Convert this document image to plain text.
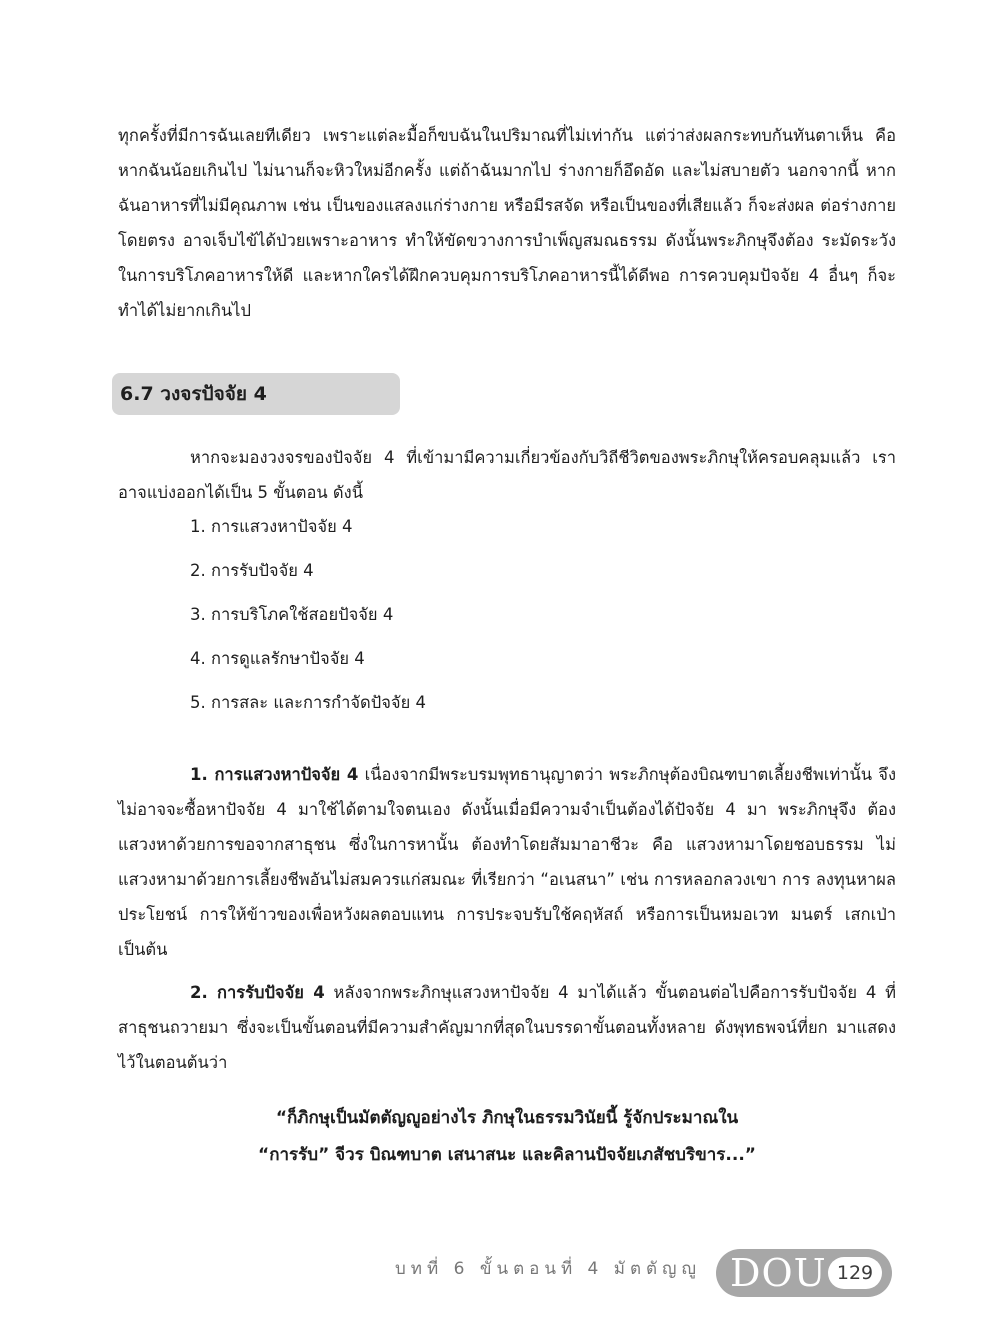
ทุกครั้งที่มีการฉันเลยทีเดียว เพราะแต่ละมื้อก็ขบฉันในปริมาณที่ไม่เท่ากัน แต่ว่าส่งผลกระทบกันทันตาเห็น คือหากฉันน้อยเกินไป ไม่นานก็จะหิวใหม่อีกครั้ง แต่ถ้าฉันมากไป ร่างกายก็อึดอัด และไม่สบายตัว นอกจากนี้ หากฉันอาหารที่ไม่มีคุณภาพ เช่น เป็นของแสลงแก่ร่างกาย หรือมีรสจัด หรือเป็นของที่เสียแล้ว ก็จะส่งผล ต่อร่างกายโดยตรง อาจเจ็บไข้ได้ป่วยเพราะอาหาร ทำให้ขัดขวางการบำเพ็ญสมณธรรม ดังนั้นพระภิกษุจึงต้อง ระมัดระวังในการบริโภคอาหารให้ดี และหากใครได้ฝึกควบคุมการบริโภคอาหารนี้ได้ดีพอ การควบคุมปัจจัย 4 อื่นๆ ก็จะทำได้ไม่ยากเกินไป

6.7 วงจรปัจจัย 4

หากจะมองวงจรของปัจจัย 4 ที่เข้ามามีความเกี่ยวข้องกับวิถีชีวิตของพระภิกษุให้ครอบคลุมแล้ว เราอาจแบ่งออกได้เป็น 5 ขั้นตอน ดังนี้

1. การแสวงหาปัจจัย 4
2. การรับปัจจัย 4
3. การบริโภคใช้สอยปัจจัย 4
4. การดูแลรักษาปัจจัย 4
5. การสละ และการกำจัดปัจจัย 4

1. การแสวงหาปัจจัย 4 เนื่องจากมีพระบรมพุทธานุญาตว่า พระภิกษุต้องบิณฑบาตเลี้ยงชีพเท่านั้น จึงไม่อาจจะซื้อหาปัจจัย 4 มาใช้ได้ตามใจตนเอง ดังนั้นเมื่อมีความจำเป็นต้องได้ปัจจัย 4 มา พระภิกษุจึง ต้องแสวงหาด้วยการขอจากสาธุชน ซึ่งในการหานั้น ต้องทำโดยสัมมาอาชีวะ คือ แสวงหามาโดยชอบธรรม ไม่แสวงหามาด้วยการเลี้ยงชีพอันไม่สมควรแก่สมณะ ที่เรียกว่า “อเนสนา” เช่น การหลอกลวงเขา การ ลงทุนหาผลประโยชน์ การให้ข้าวของเพื่อหวังผลตอบแทน การประจบรับใช้คฤหัสถ์ หรือการเป็นหมอเวท มนตร์ เสกเป่า เป็นต้น

2. การรับปัจจัย 4 หลังจากพระภิกษุแสวงหาปัจจัย 4 มาได้แล้ว ขั้นตอนต่อไปคือการรับปัจจัย 4 ที่สาธุชนถวายมา ซึ่งจะเป็นขั้นตอนที่มีความสำคัญมากที่สุดในบรรดาขั้นตอนทั้งหลาย ดังพุทธพจน์ที่ยก มาแสดงไว้ในตอนต้นว่า

“ก็ภิกษุเป็นมัตตัญญูอย่างไร ภิกษุในธรรมวินัยนี้ รู้จักประมาณใน
“การรับ” จีวร บิณฑบาต เสนาสนะ และคิลานปัจจัยเภสัชบริขาร...”

บทที่ 6 ขั้นตอนที่ 4 มัตตัญญู DOU 129
